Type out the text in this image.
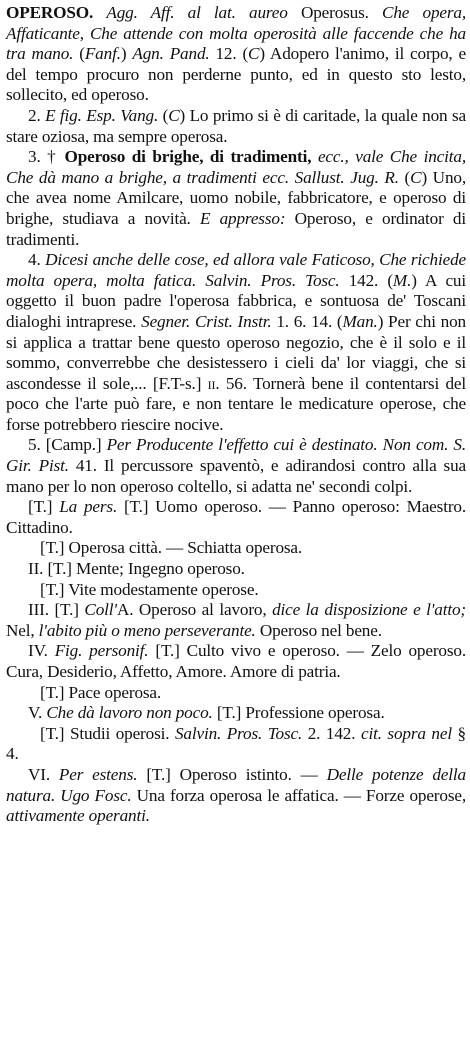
OPEROSO. Agg. Aff. al lat. aureo Operosus. Che opera, Affaticante, Che attende con molta operosità alle faccende che ha tra mano. (Fanf.) Agn. Pand. 12. (C) Adopero l'animo, il corpo, e del tempo procuro non perderne punto, ed in questo sto lesto, sollecito, ed operoso.

2. E fig. Esp. Vang. (C) Lo primo si è di caritade, la quale non sa stare oziosa, ma sempre operosa.

3. † Operoso di brighe, di tradimenti, ecc., vale Che incita, Che dà mano a brighe, a tradimenti ecc. Sallust. Jug. R. (C) Uno, che avea nome Amilcare, uomo nobile, fabbricatore, e operoso di brighe, studiava a novità. E appresso: Operoso, e ordinator di tradimenti.

4. Dicesi anche delle cose, ed allora vale Faticoso, Che richiede molta opera, molta fatica. Salvin. Pros. Tosc. 142. (M.) A cui oggetto il buon padre l'operosa fabbrica, e sontuosa de' Toscani dialoghi intraprese. Segner. Crist. Instr. 1. 6. 14. (Man.) Per chi non si applica a trattar bene questo operoso negozio, che è il solo e il sommo, converrebbe che desistessero i cieli da' lor viaggi, che si ascondesse il sole,... [F.T-s.] ii. 56. Tornerà bene il contentarsi del poco che l'arte può fare, e non tentare le medicature operose, che forse potrebbero riescire nocive.

5. [Camp.] Per Producente l'effetto cui è destinato. Non com. S. Gir. Pist. 41. Il percussore spaventò, e adirandosi contro alla sua mano per lo non operoso coltello, si adatta ne' secondi colpi.

[T.] La pers. [T.] Uomo operoso. — Panno operoso: Maestro. Cittadino.

[T.] Operosa città. — Schiatta operosa.

II. [T.] Mente; Ingegno operoso.

[T.] Vite modestamente operose.

III. [T.] Coll'A. Operoso al lavoro, dice la disposizione e l'atto; Nel, l'abito più o meno perseverante. Operoso nel bene.

IV. Fig. personif. [T.] Culto vivo e operoso. — Zelo operoso. Cura, Desiderio, Affetto, Amore. Amore di patria.

[T.] Pace operosa.

V. Che dà lavoro non poco. [T.] Professione operosa.

[T.] Studii operosi. Salvin. Pros. Tosc. 2. 142. cit. sopra nel § 4.

VI. Per estens. [T.] Operoso istinto. — Delle potenze della natura. Ugo Fosc. Una forza operosa le affatica. — Forze operose, attivamente operanti.
